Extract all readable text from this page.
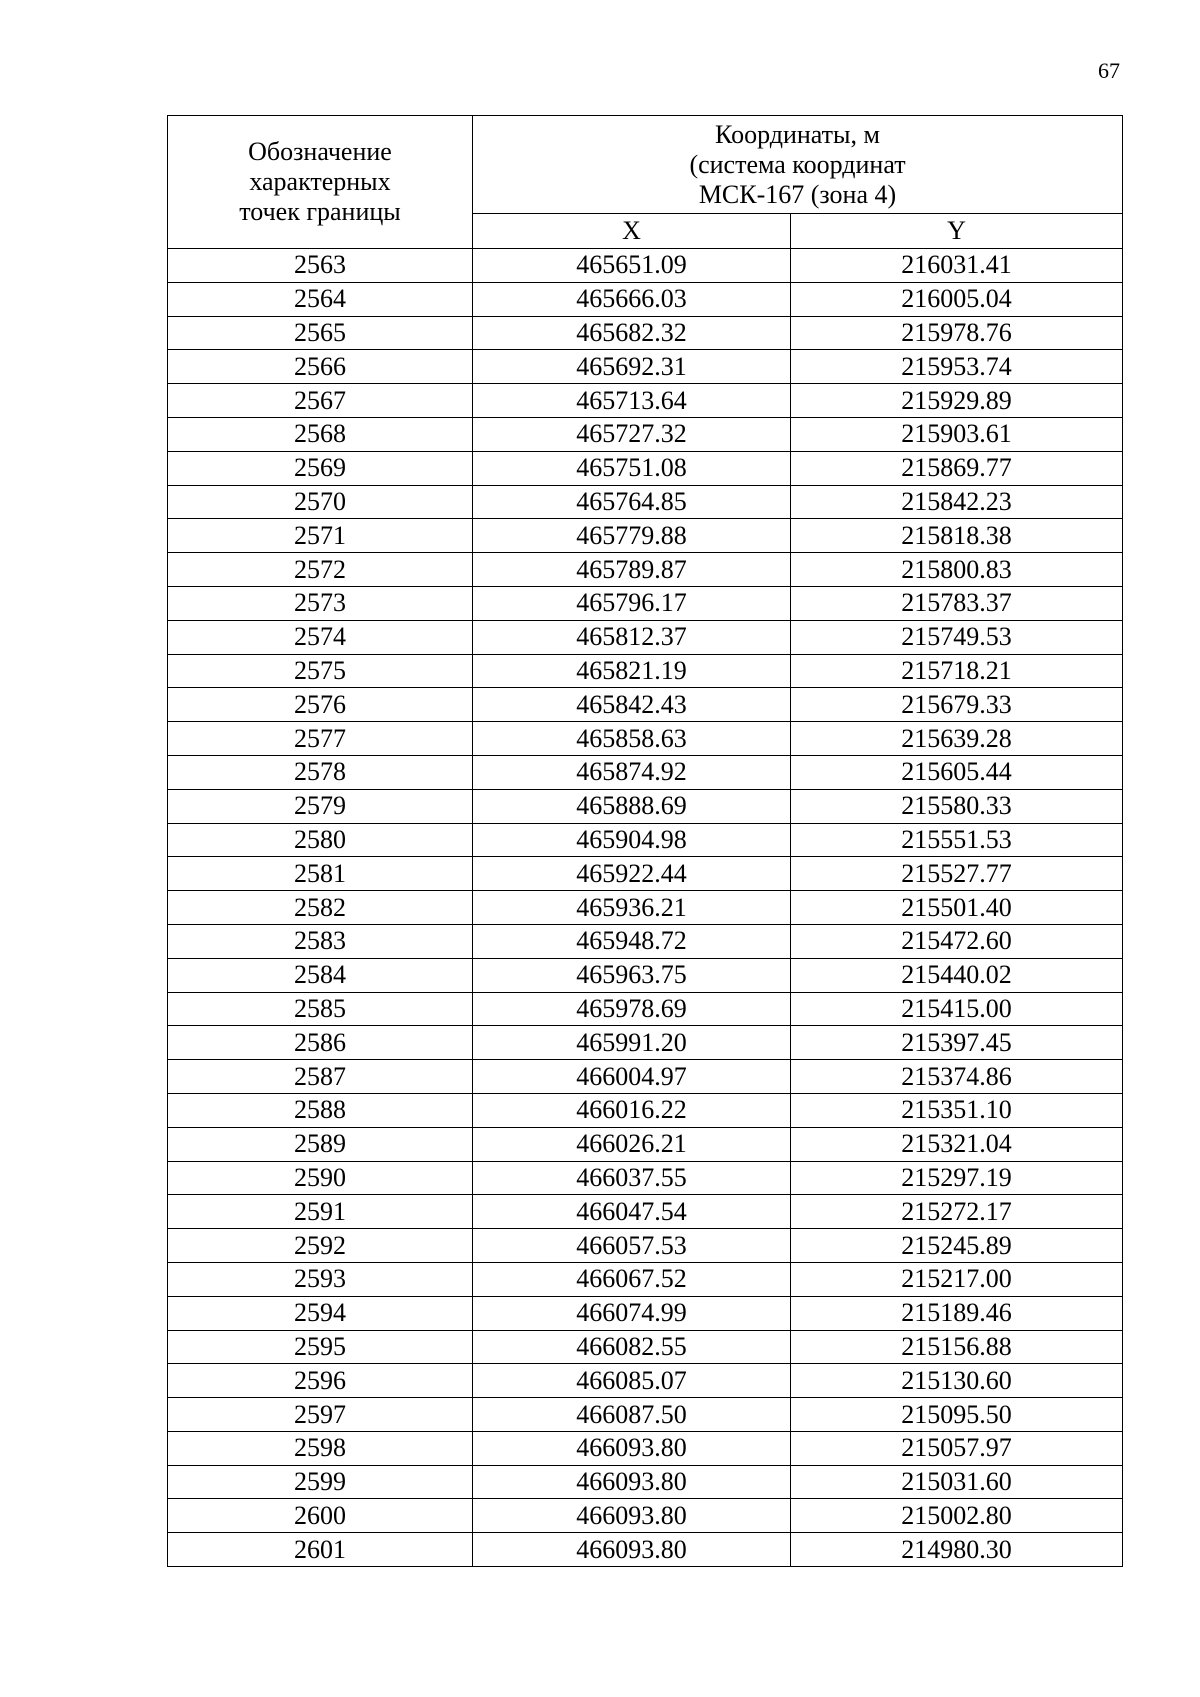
67
Обозначение
характерных
точек границы	Координаты, м
(система координат
МСК-167 (зона 4)	

	X	Y
2563	465651.09	216031.41
2564	465666.03	216005.04
2565	465682.32	215978.76
2566	465692.31	215953.74
2567	465713.64	215929.89
2568	465727.32	215903.61
2569	465751.08	215869.77
2570	465764.85	215842.23
2571	465779.88	215818.38
2572	465789.87	215800.83
2573	465796.17	215783.37
2574	465812.37	215749.53
2575	465821.19	215718.21
2576	465842.43	215679.33
2577	465858.63	215639.28
2578	465874.92	215605.44
2579	465888.69	215580.33
2580	465904.98	215551.53
2581	465922.44	215527.77
2582	465936.21	215501.40
2583	465948.72	215472.60
2584	465963.75	215440.02
2585	465978.69	215415.00
2586	465991.20	215397.45
2587	466004.97	215374.86
2588	466016.22	215351.10
2589	466026.21	215321.04
2590	466037.55	215297.19
2591	466047.54	215272.17
2592	466057.53	215245.89
2593	466067.52	215217.00
2594	466074.99	215189.46
2595	466082.55	215156.88
2596	466085.07	215130.60
2597	466087.50	215095.50
2598	466093.80	215057.97
2599	466093.80	215031.60
2600	466093.80	215002.80
2601	466093.80	214980.30
